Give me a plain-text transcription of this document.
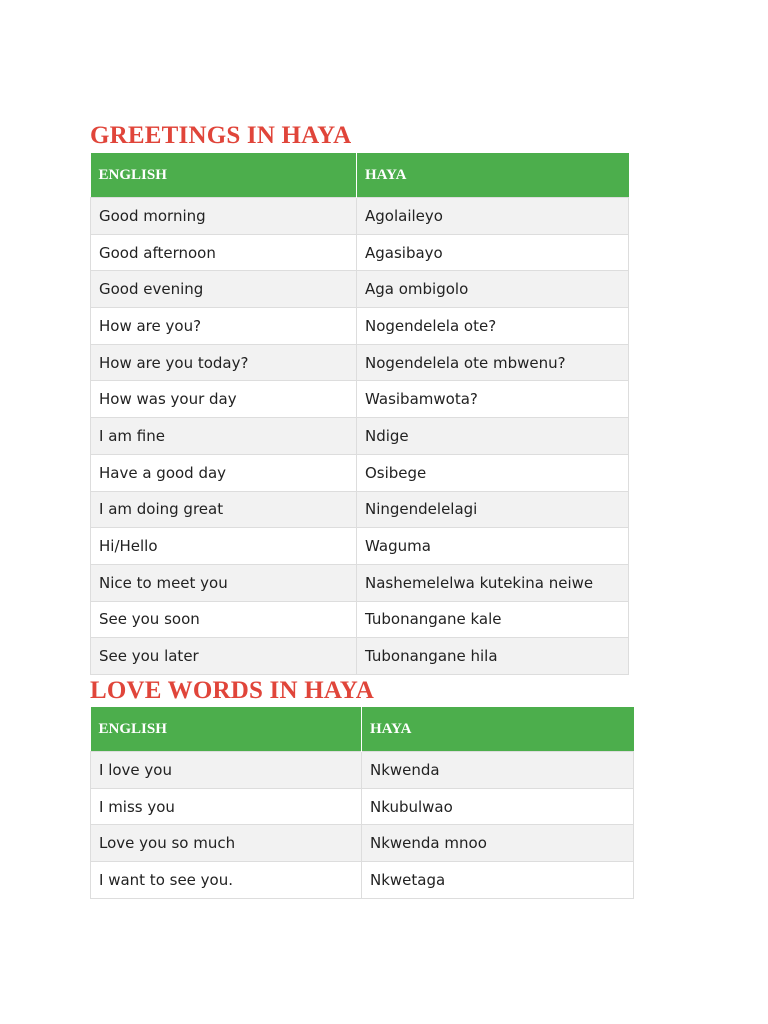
GREETINGS IN HAYA
ENGLISH	HAYA
Good morning	Agolaileyo
Good afternoon	Agasibayo
Good evening	Aga ombigolo
How are you?	Nogendelela ote?
How are you today?	Nogendelela ote mbwenu?
How was your day	Wasibamwota?
I am fine	Ndige
Have a good day	Osibege
I am doing great	Ningendelelagi
Hi/Hello	Waguma
Nice to meet you	Nashemelelwa kutekina neiwe
See you soon	Tubonangane kale
See you later	Tubonangane hila
LOVE WORDS IN HAYA
ENGLISH	HAYA
I love you	Nkwenda
I miss you	Nkubulwao
Love you so much	Nkwenda mnoo
I want to see you.	Nkwetaga
